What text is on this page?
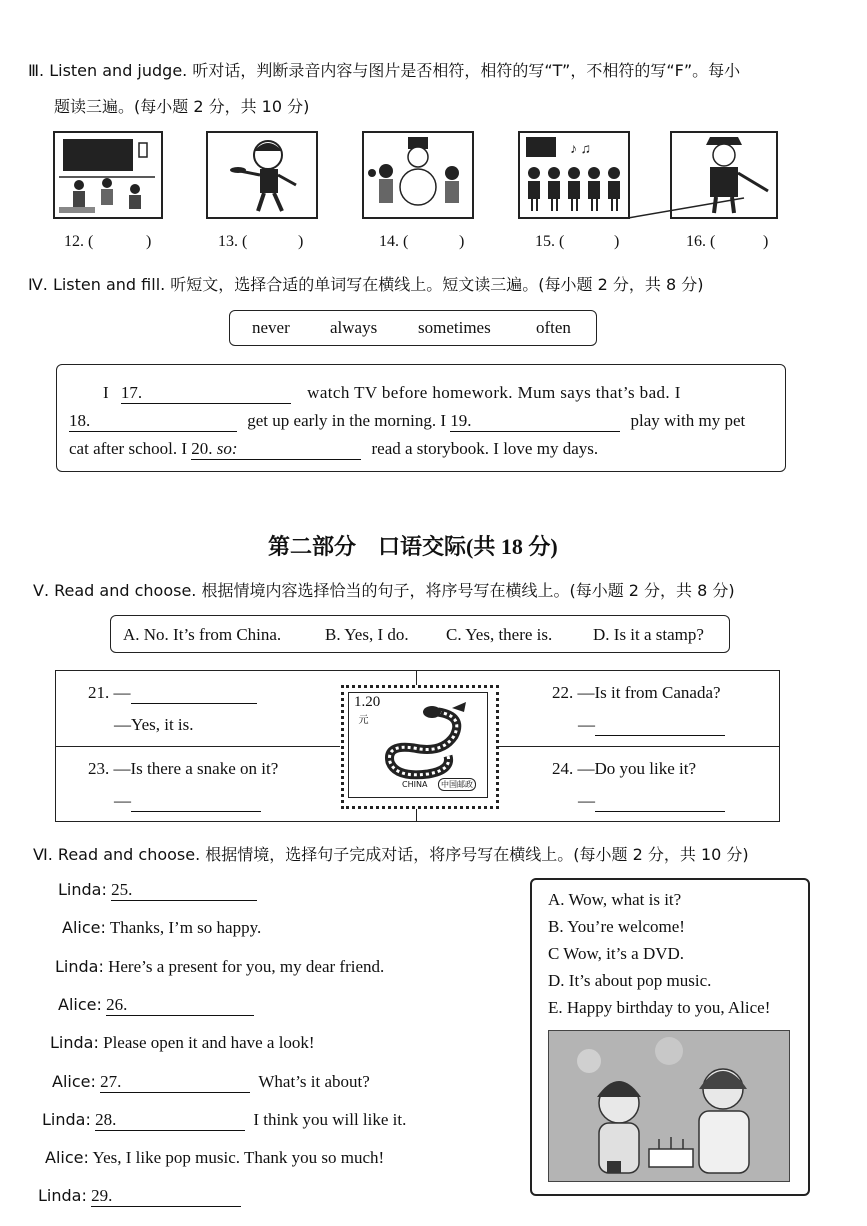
Ⅲ. Listen and judge. 听对话，判断录音内容与图片是否相符，相符的写“T”，不相符的写“F”。每小
题读三遍。(每小题 2 分，共 10 分)
♪ ♫
12. (	)	13. (	)	14. (	)	15. (	)	16. (	)
Ⅳ. Listen and fill. 听短文，选择合适的单词写在横线上。短文读三遍。(每小题 2 分，共 8 分)
never always sometimes	often
I 17.	watch TV before homework. Mum says that’s bad. I
18.	get up early in the morning. I 19.	play with my pet
cat after school. I 20. so:	read a storybook. I love my days.
第二部分　口语交际(共 18 分)
Ⅴ. Read and choose. 根据情境内容选择恰当的句子，将序号写在横线上。(每小题 2 分，共 8 分)
A. No. It’s from China.	B. Yes, I do. C. Yes, there is. D. Is it a stamp?
21. —
—Yes, it is.
22. —Is it from Canada?
—
23. —Is there a snake on it?
—
24. —Do you like it?
—
1.20
元
CHINA	中国邮政
Ⅵ. Read and choose. 根据情境，选择句子完成对话，将序号写在横线上。(每小题 2 分，共 10 分)
Linda: 25.
Alice: Thanks, I’m so happy.
Linda: Here’s a present for you, my dear friend.
Alice: 26.
Linda: Please open it and have a look!
Alice: 27.	What’s it about?
Linda: 28.	I think you will like it.
Alice: Yes, I like pop music. Thank you so much!
Linda: 29.
A. Wow, what is it?
B. You’re welcome!
C Wow, it’s a DVD.
D. It’s about pop music.
E. Happy birthday to you, Alice!
